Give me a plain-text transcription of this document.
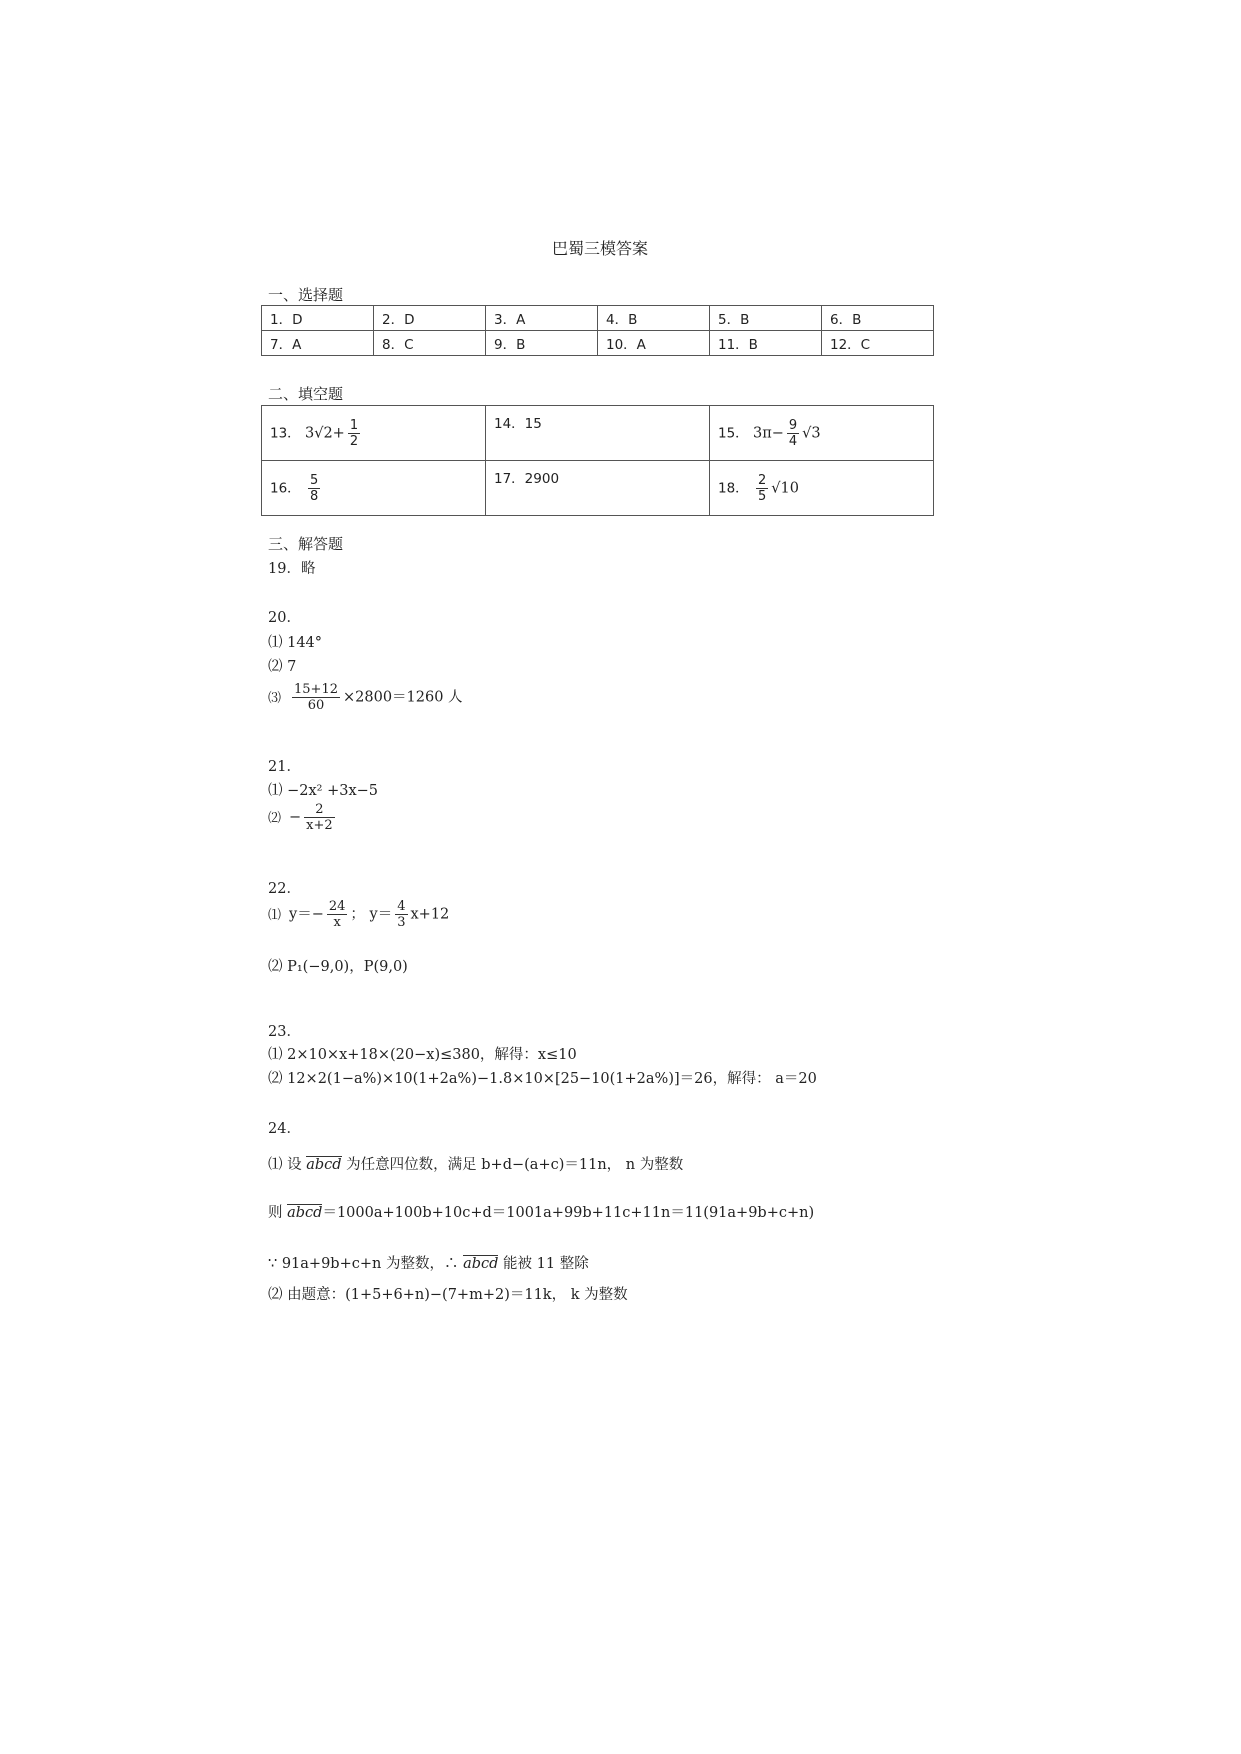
巴蜀三模答案
一、选择题
1．D	2．D	3．A	4．B	5．B	6．B
7．A	8．C	9．B	10．A	11．B	12．C
二、填空题
13． $3√2+ \frac{1}{2}$	14．15	15． $3\pi- \frac{9}{4} √3$
16． $\frac{5}{8}$	17．2900	18． $\frac{2}{5} √10$
三、解答题
19．略
20．
⑴ 144°
⑵ 7
⑶ $\frac{15+12}{60} \times 2800=1260$ 人
21．
⑴ −2x² +3x−5
⑵ − $\frac{2}{x+2}$
22．
⑴ $y=- \frac{24}{x}$ ； $y= \frac{4}{3} x+12$
⑵ P₁(−9,0)，P(9,0)
23．
⑴ 2×10×x+18×(20−x)≤380，解得：x≤10
⑵ 12×2(1−a%)×10(1+2a%)−1.8×10×[25−10(1+2a%)]＝26，解得： a＝20
24．
⑴ 设 abcd 为任意四位数，满足 b+d−(a+c)＝11n， n 为整数
则 abcd＝1000a+100b+10c+d＝1001a+99b+11c+11n＝11(91a+9b+c+n)
∵ 91a+9b+c+n 为整数，∴ abcd 能被 11 整除
⑵ 由题意：(1+5+6+n)−(7+m+2)＝11k， k 为整数
